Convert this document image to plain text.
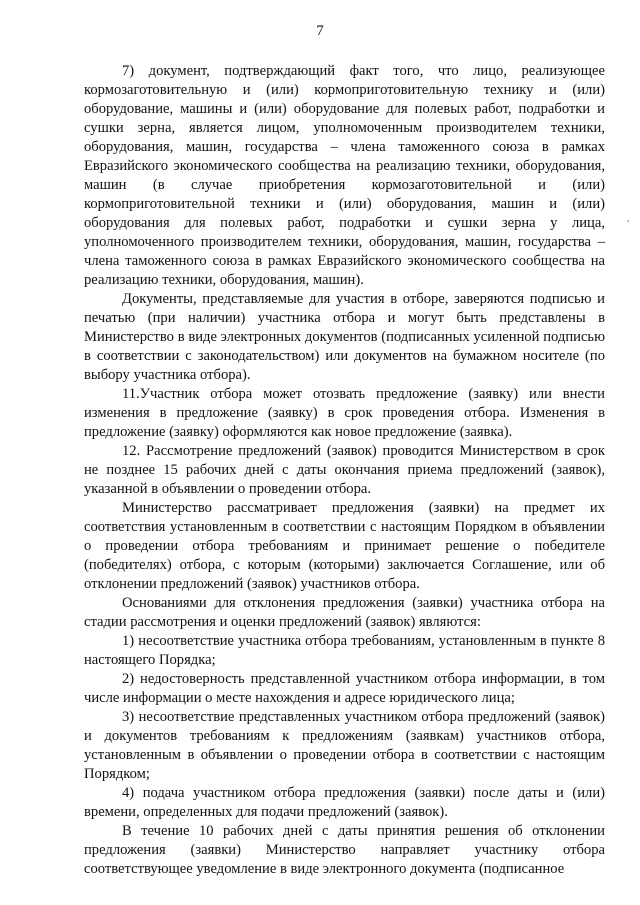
7
,

7) документ, подтверждающий факт того, что лицо, реализующее кормозаготовительную и (или) кормоприготовительную технику и (или) оборудование, машины и (или) оборудование для полевых работ, подработки и сушки зерна, является лицом, уполномоченным производителем техники, оборудования, машин, государства – члена таможенного союза в рамках Евразийского экономического сообщества на реализацию техники, оборудования, машин (в случае приобретения кормозаготовительной и (или) кормоприготовительной техники и (или) оборудования, машин и (или) оборудования для полевых работ, подработки и сушки зерна у лица, уполномоченного производителем техники, оборудования, машин, государства – члена таможенного союза в рамках Евразийского экономического сообщества на реализацию техники, оборудования, машин).

Документы, представляемые для участия в отборе, заверяются подписью и печатью (при наличии) участника отбора и могут быть представлены в Министерство в виде электронных документов (подписанных усиленной подписью в соответствии с законодательством) или документов на бумажном носителе (по выбору участника отбора).

11.Участник отбора может отозвать предложение (заявку) или внести изменения в предложение (заявку) в срок проведения отбора. Изменения в предложение (заявку) оформляются как новое предложение (заявка).

12. Рассмотрение предложений (заявок) проводится Министерством в срок не позднее 15 рабочих дней с даты окончания приема предложений (заявок), указанной в объявлении о проведении отбора.

Министерство рассматривает предложения (заявки) на предмет их соответствия установленным в соответствии с настоящим Порядком в объявлении о проведении отбора требованиям и принимает решение о победителе (победителях) отбора, с которым (которыми) заключается Соглашение, или об отклонении предложений (заявок) участников отбора.

Основаниями для отклонения предложения (заявки) участника отбора на стадии рассмотрения и оценки предложений (заявок) являются:

1) несоответствие участника отбора требованиям, установленным в пункте 8 настоящего Порядка;

2) недостоверность представленной участником отбора информации, в том числе информации о месте нахождения и адресе юридического лица;

3) несоответствие представленных участником отбора предложений (заявок) и документов требованиям к предложениям (заявкам) участников отбора, установленным в объявлении о проведении отбора в соответствии с настоящим Порядком;

4) подача участником отбора предложения (заявки) после даты и (или) времени, определенных для подачи предложений (заявок).

В течение 10 рабочих дней с даты принятия решения об отклонении предложения (заявки) Министерство направляет участнику отбора соответствующее уведомление в виде электронного документа (подписанное
